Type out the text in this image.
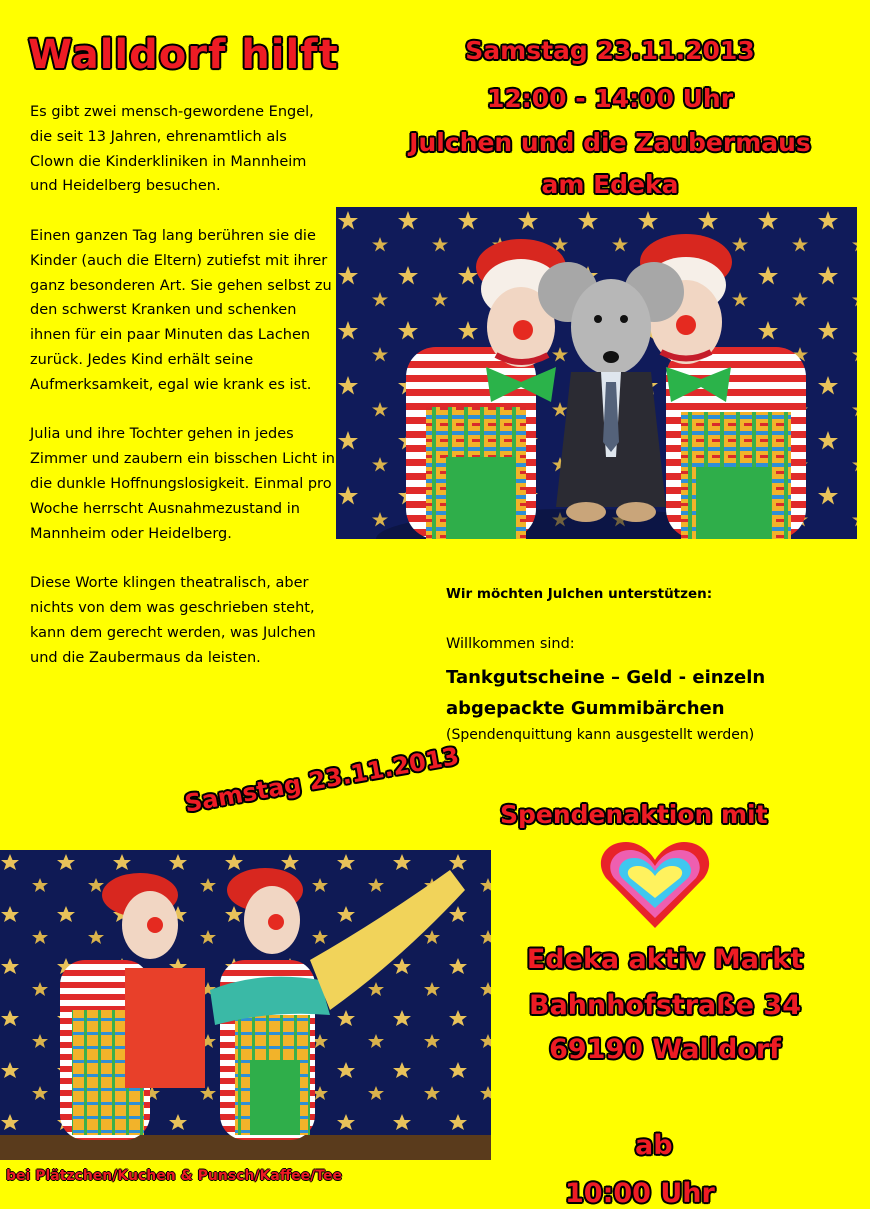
Walldorf hilft	Samstag 23.11.2013
12:00 - 14:00 Uhr
Julchen und die Zaubermaus
am Edeka

Es gibt zwei mensch-gewordene Engel, die seit 13 Jahren, ehrenamtlich als Clown die Kinderkliniken in Mannheim und Heidelberg besuchen.

Einen ganzen Tag lang berühren sie die Kinder (auch die Eltern) zutiefst mit ihrer ganz besonderen Art. Sie gehen selbst zu den schwerst Kranken und schenken ihnen für ein paar Minuten das Lachen zurück. Jedes Kind erhält seine Aufmerksamkeit, egal wie krank es ist.

Julia und ihre Tochter gehen in jedes Zimmer und zaubern ein bisschen Licht in die dunkle Hoffnungslosigkeit. Einmal pro Woche herrscht Ausnahmezustand in Mannheim oder Heidelberg.

Diese Worte klingen theatralisch, aber nichts von dem was geschrieben steht, kann dem gerecht werden, was Julchen und die Zaubermaus da leisten.

Wir möchten Julchen unterstützen:
Willkommen sind:
Tankgutscheine – Geld - einzeln
abgepackte Gummibärchen
(Spendenquittung kann ausgestellt werden)
Samstag 23.11.2013 Spendenaktion mit
Edeka aktiv Markt
Bahnhofstraße 34
69190 Walldorf
ab
10:00 Uhr
bei Plätzchen/Kuchen & Punsch/Kaffee/Tee
